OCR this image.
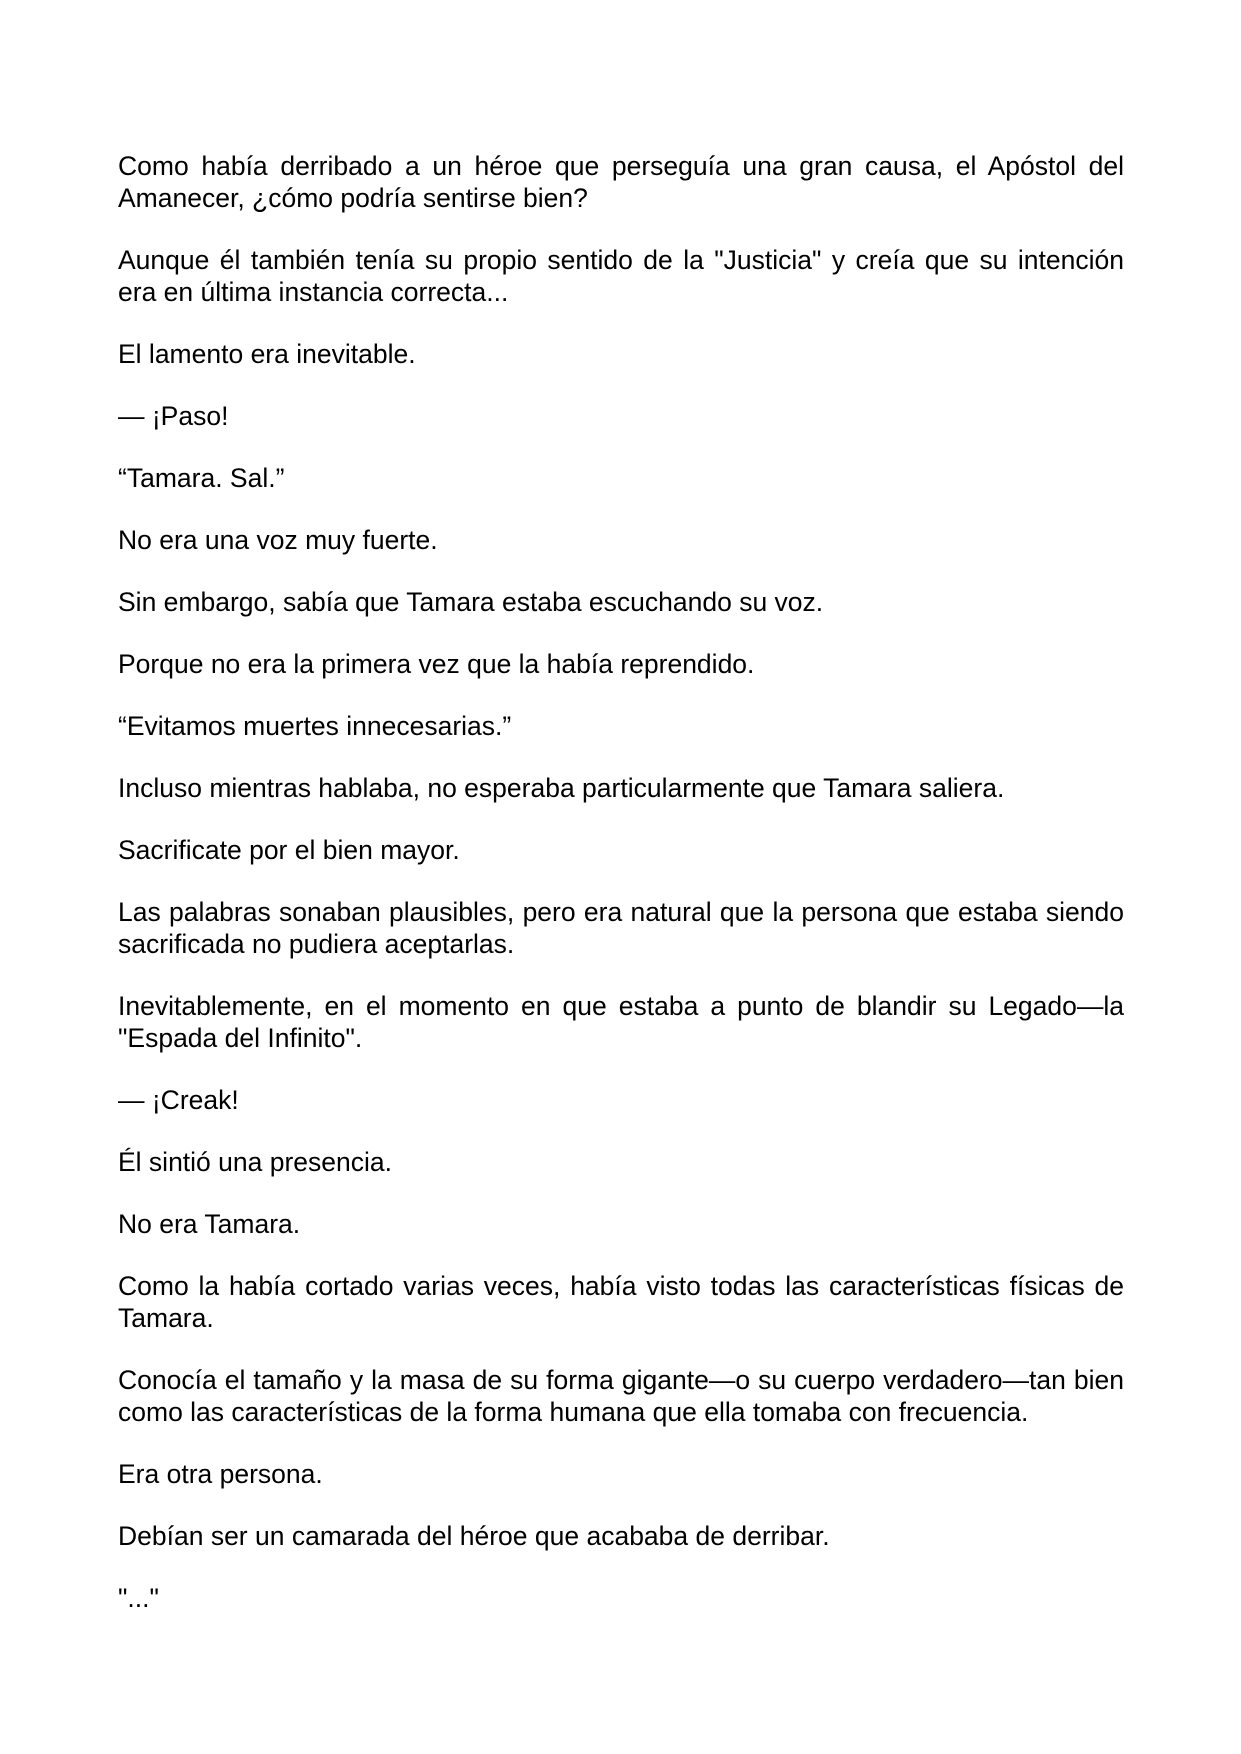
Como había derribado a un héroe que perseguía una gran causa, el Apóstol del Amanecer, ¿cómo podría sentirse bien?

Aunque él también tenía su propio sentido de la "Justicia" y creía que su intención era en última instancia correcta...

El lamento era inevitable.

— ¡Paso!

“Tamara. Sal.”

No era una voz muy fuerte.

Sin embargo, sabía que Tamara estaba escuchando su voz.

Porque no era la primera vez que la había reprendido.

“Evitamos muertes innecesarias.”

Incluso mientras hablaba, no esperaba particularmente que Tamara saliera.

Sacrificate por el bien mayor.

Las palabras sonaban plausibles, pero era natural que la persona que estaba siendo sacrificada no pudiera aceptarlas.

Inevitablemente, en el momento en que estaba a punto de blandir su Legado—la "Espada del Infinito".

— ¡Creak!

Él sintió una presencia.

No era Tamara.

Como la había cortado varias veces, había visto todas las características físicas de Tamara.

Conocía el tamaño y la masa de su forma gigante—o su cuerpo verdadero—tan bien como las características de la forma humana que ella tomaba con frecuencia.

Era otra persona.

Debían ser un camarada del héroe que acababa de derribar.

"..."
